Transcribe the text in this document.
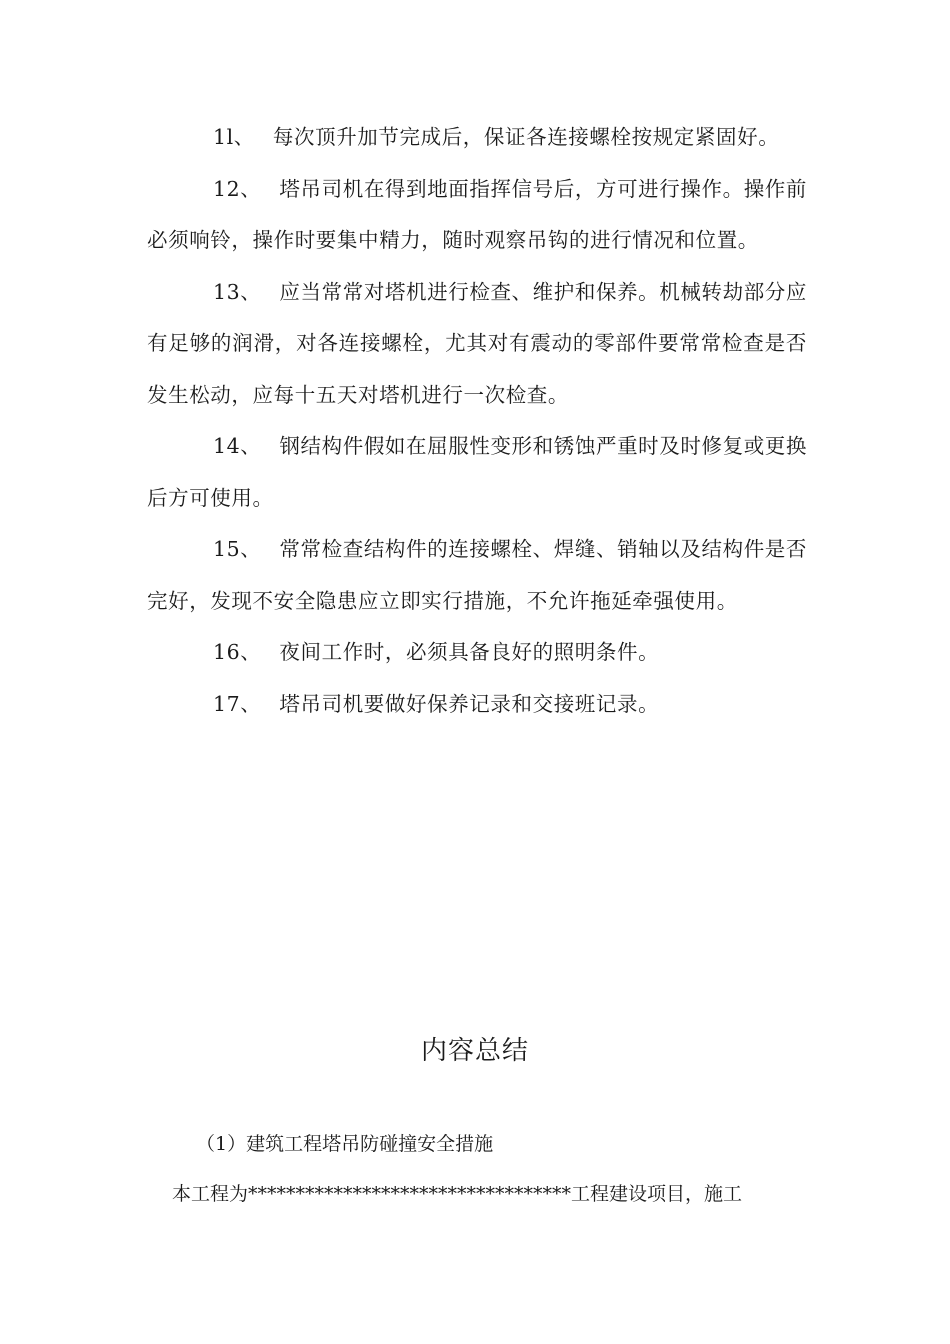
1l、 每次顶升加节完成后，保证各连接螺栓按规定紧固好。

12、 塔吊司机在得到地面指挥信号后，方可进行操作。操作前必须响铃，操作时要集中精力，随时观察吊钩的进行情况和位置。

13、 应当常常对塔机进行检查、维护和保养。机械转劫部分应有足够的润滑，对各连接螺栓，尤其对有震动的零部件要常常检查是否发生松动，应每十五天对塔机进行一次检查。

14、 钢结构件假如在屈服性变形和锈蚀严重时及时修复或更换后方可使用。

15、 常常检查结构件的连接螺栓、焊缝、销轴以及结构件是否完好，发现不安全隐患应立即实行措施，不允许拖延牵强使用。

16、 夜间工作时，必须具备良好的照明条件。

17、 塔吊司机要做好保养记录和交接班记录。

内容总结
（1）建筑工程塔吊防碰撞安全措施
本工程为**********************************工程建设项目，施工
